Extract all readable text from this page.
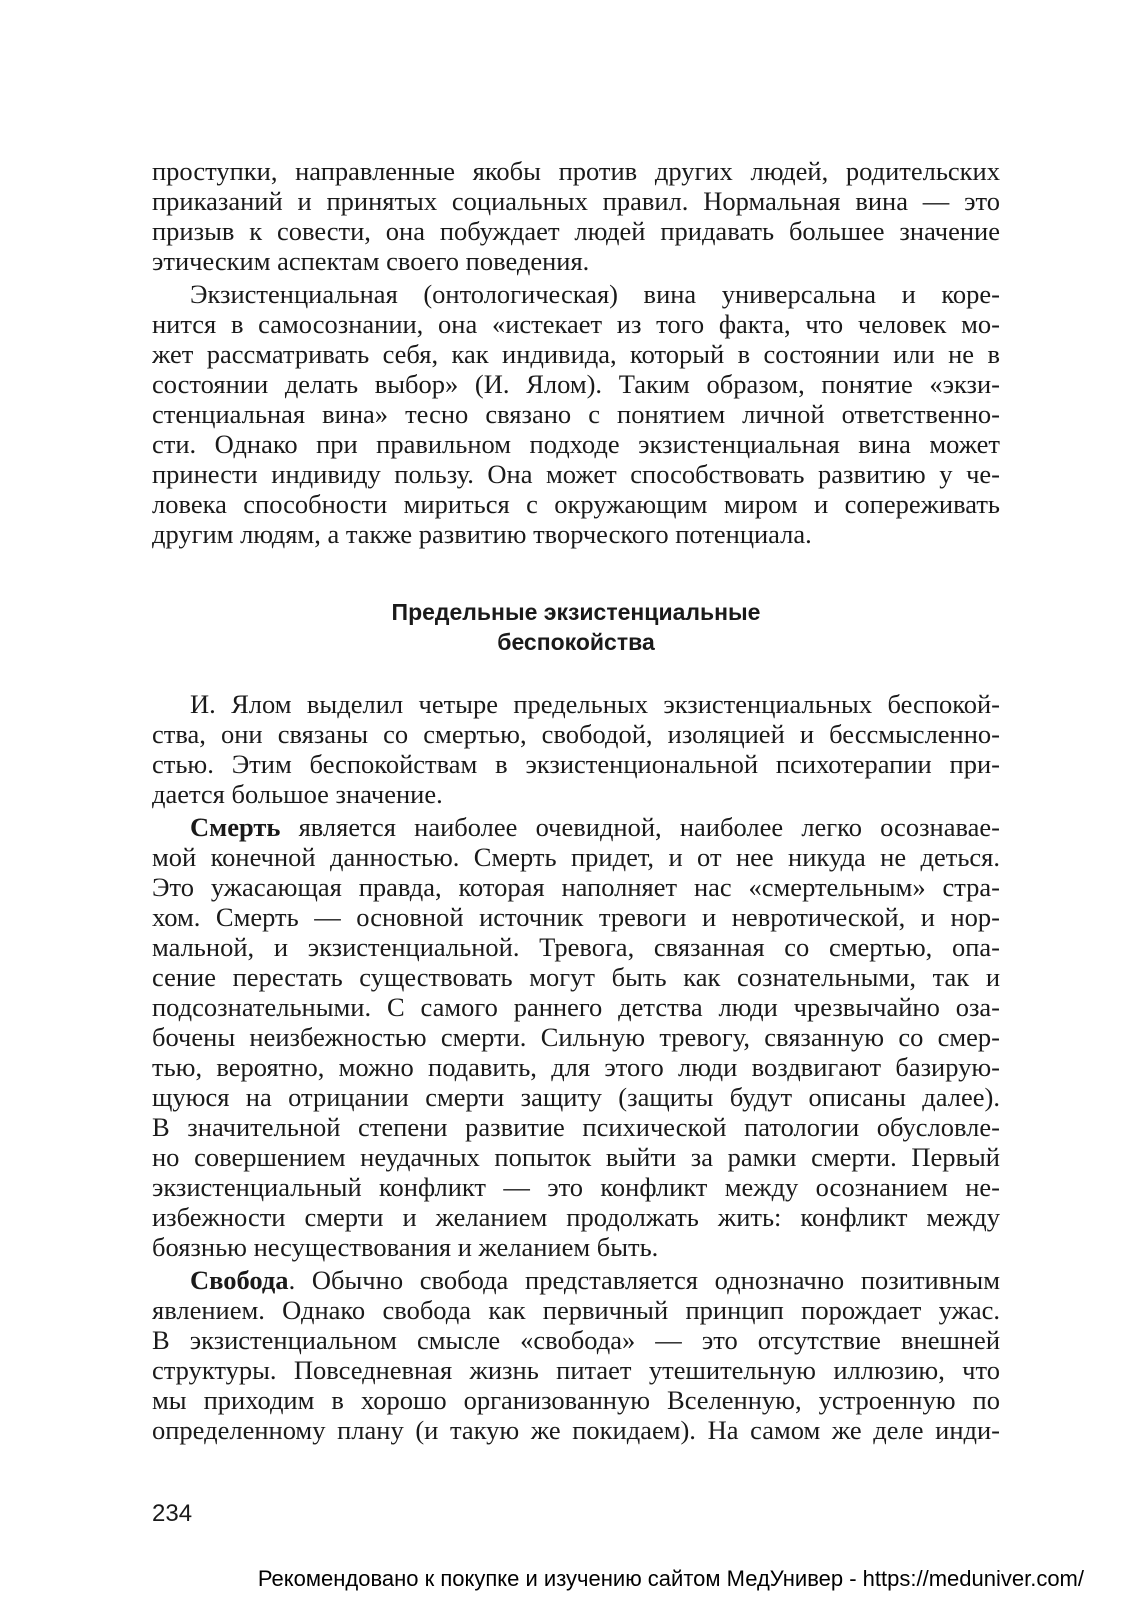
проступки, направленные якобы против других людей, родительских
приказаний и принятых социальных правил. Нормальная вина — это
призыв к совести, она побуждает людей придавать большее значение
этическим аспектам своего поведения.
Экзистенциальная (онтологическая) вина универсальна и коре-
нится в самосознании, она «истекает из того факта, что человек мо-
жет рассматривать себя, как индивида, который в состоянии или не в
состоянии делать выбор» (И. Ялом). Таким образом, понятие «экзи-
стенциальная вина» тесно связано с понятием личной ответственно-
сти. Однако при правильном подходе экзистенциальная вина может
принести индивиду пользу. Она может способствовать развитию у че-
ловека способности мириться с окружающим миром и сопереживать
другим людям, а также развитию творческого потенциала.
Предельные экзистенциальные
беспокойства
И. Ялом выделил четыре предельных экзистенциальных беспокой-
ства, они связаны со смертью, свободой, изоляцией и бессмысленно-
стью. Этим беспокойствам в экзистенциональной психотерапии при-
дается большое значение.
Смерть является наиболее очевидной, наиболее легко осознавае-
мой конечной данностью. Смерть придет, и от нее никуда не деться.
Это ужасающая правда, которая наполняет нас «смертельным» стра-
хом. Смерть — основной источник тревоги и невротической, и нор-
мальной, и экзистенциальной. Тревога, связанная со смертью, опа-
сение перестать существовать могут быть как сознательными, так и
подсознательными. С самого раннего детства люди чрезвычайно оза-
бочены неизбежностью смерти. Сильную тревогу, связанную со смер-
тью, вероятно, можно подавить, для этого люди воздвигают базирую-
щуюся на отрицании смерти защиту (защиты будут описаны далее).
В значительной степени развитие психической патологии обусловле-
но совершением неудачных попыток выйти за рамки смерти. Первый
экзистенциальный конфликт — это конфликт между осознанием не-
избежности смерти и желанием продолжать жить: конфликт между
боязнью несуществования и желанием быть.
Свобода. Обычно свобода представляется однозначно позитивным
явлением. Однако свобода как первичный принцип порождает ужас.
В экзистенциальном смысле «свобода» — это отсутствие внешней
структуры. Повседневная жизнь питает утешительную иллюзию, что
мы приходим в хорошо организованную Вселенную, устроенную по
определенному плану (и такую же покидаем). На самом же деле инди-
234
Рекомендовано к покупке и изучению сайтом МедУнивер - https://meduniver.com/
